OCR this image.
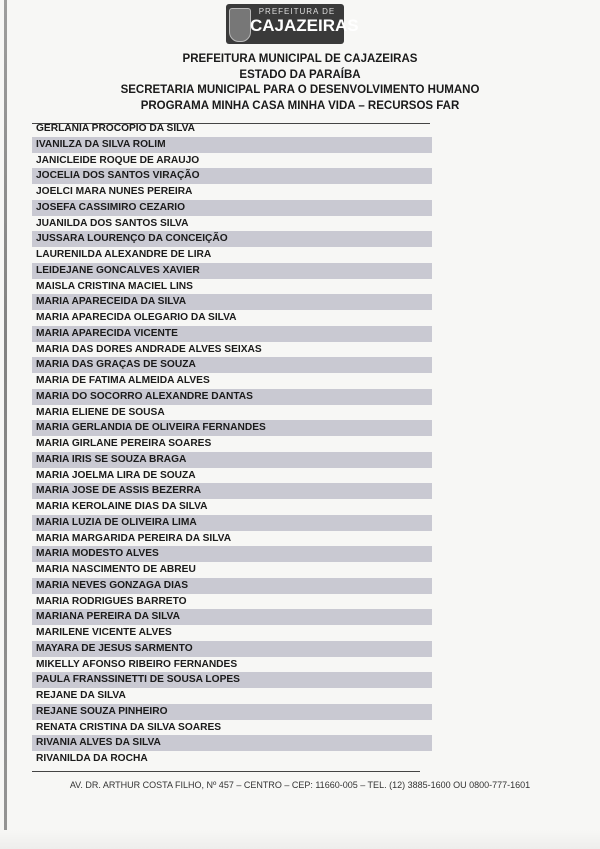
PREFEITURA DE
CAJAZEIRAS
PREFEITURA MUNICIPAL DE CAJAZEIRAS
ESTADO DA PARAÍBA
SECRETARIA MUNICIPAL PARA O DESENVOLVIMENTO HUMANO
PROGRAMA MINHA CASA MINHA VIDA – RECURSOS FAR
GERLANIA PROCOPIO DA SILVA
IVANILZA DA SILVA ROLIM
JANICLEIDE ROQUE DE ARAUJO
JOCELIA DOS SANTOS VIRAÇÃO
JOELCI MARA NUNES PEREIRA
JOSEFA CASSIMIRO CEZARIO
JUANILDA DOS SANTOS SILVA
JUSSARA LOURENÇO DA CONCEIÇÃO
LAURENILDA ALEXANDRE DE LIRA
LEIDEJANE GONCALVES XAVIER
MAISLA CRISTINA MACIEL LINS
MARIA APARECEIDA DA SILVA
MARIA APARECIDA OLEGARIO DA SILVA
MARIA APARECIDA VICENTE
MARIA DAS DORES ANDRADE ALVES SEIXAS
MARIA DAS GRAÇAS DE SOUZA
MARIA DE FATIMA ALMEIDA ALVES
MARIA DO SOCORRO ALEXANDRE DANTAS
MARIA ELIENE DE SOUSA
MARIA GERLANDIA DE OLIVEIRA FERNANDES
MARIA GIRLANE PEREIRA SOARES
MARIA IRIS SE SOUZA BRAGA
MARIA JOELMA LIRA DE SOUZA
MARIA JOSE DE ASSIS BEZERRA
MARIA KEROLAINE DIAS DA SILVA
MARIA LUZIA DE OLIVEIRA LIMA
MARIA MARGARIDA PEREIRA DA SILVA
MARIA MODESTO ALVES
MARIA NASCIMENTO DE ABREU
MARIA NEVES GONZAGA DIAS
MARIA RODRIGUES BARRETO
MARIANA PEREIRA DA SILVA
MARILENE VICENTE ALVES
MAYARA DE JESUS SARMENTO
MIKELLY AFONSO RIBEIRO FERNANDES
PAULA FRANSSINETTI DE SOUSA LOPES
REJANE DA SILVA
REJANE SOUZA PINHEIRO
RENATA CRISTINA DA SILVA SOARES
RIVANIA ALVES DA SILVA
RIVANILDA DA ROCHA
AV. DR. ARTHUR COSTA FILHO, Nº 457 – CENTRO – CEP: 11660-005 – TEL. (12) 3885-1600 OU 0800-777-1601
